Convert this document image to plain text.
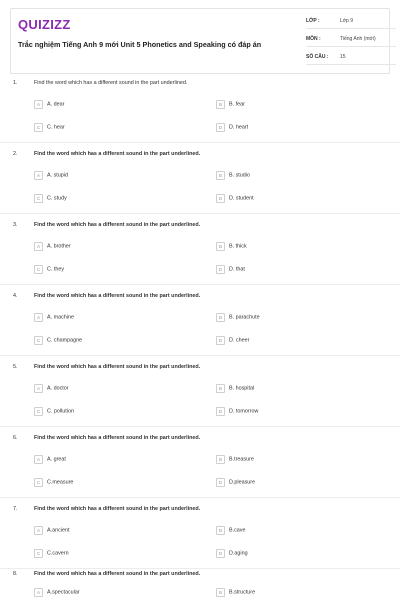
QUIZIZZ
Trắc nghiệm Tiếng Anh 9 mới Unit 5 Phonetics and Speaking có đáp án
LỚP :	Lớp 9
MÔN :	Tiếng Anh (mới)
SỐ CÂU : 15
1.	Find the word which has a different sound in the part underlined.
A A. dear	B B. fear
C C. hear	D D. heart
2.	Find the word which has a different sound in the part underlined.
A A. stupid	B B. studio
C C. study	D D. student
3.	Find the word which has a different sound in the part underlined.
A A. brother	B B. thick
C C. they	D D. that
4.	Find the word which has a different sound in the part underlined.
A A. machine	B B. parachute
C C. champagne	D D. cheer
5.	Find the word which has a different sound in the part underlined.
A A. doctor	B B. hospital
C C. pollution	D D. tomorrow
6.	Find the word which has a different sound in the part underlined.
A A. great	B B.treasure
C C.measure	D D.pleasure
7.	Find the word which has a different sound in the part underlined.
A A.ancient	B B.cave
C C.cavern	D D.aging
8.	Find the word which has a different sound in the part underlined.
A A.spectacular	B B.structure
